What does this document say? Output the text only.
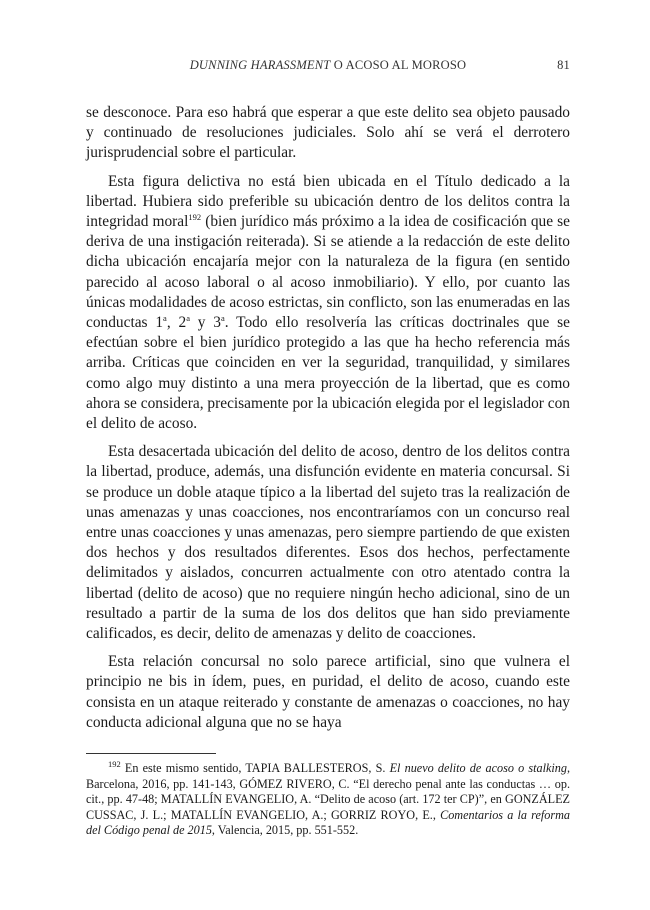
DUNNING HARASSMENT O ACOSO AL MOROSO	81

se desconoce. Para eso habrá que esperar a que este delito sea objeto pausado y continuado de resoluciones judiciales. Solo ahí se verá el derrotero jurisprudencial sobre el particular.

Esta figura delictiva no está bien ubicada en el Título dedicado a la libertad. Hubiera sido preferible su ubicación dentro de los delitos contra la integridad moral$^{192}$ (bien jurídico más próximo a la idea de cosificación que se deriva de una instigación reiterada). Si se atiende a la redacción de este delito dicha ubicación encajaría mejor con la naturaleza de la figura (en sentido parecido al acoso laboral o al acoso inmobiliario). Y ello, por cuanto las únicas modalidades de acoso estrictas, sin conflicto, son las enumeradas en las conductas 1$^a$, 2$^a$ y 3$^a$. Todo ello resolvería las críticas doctrinales que se efectúan sobre el bien jurídico protegido a las que ha hecho referencia más arriba. Críticas que coinciden en ver la seguridad, tranquilidad, y similares como algo muy distinto a una mera proyección de la libertad, que es como ahora se considera, precisamente por la ubicación elegida por el legislador con el delito de acoso.

Esta desacertada ubicación del delito de acoso, dentro de los delitos contra la libertad, produce, además, una disfunción evidente en materia concursal. Si se produce un doble ataque típico a la libertad del sujeto tras la realización de unas amenazas y unas coacciones, nos encontraríamos con un concurso real entre unas coacciones y unas amenazas, pero siempre partiendo de que existen dos hechos y dos resultados diferentes. Esos dos hechos, perfectamente delimitados y aislados, concurren actualmente con otro atentado contra la libertad (delito de acoso) que no requiere ningún hecho adicional, sino de un resultado a partir de la suma de los dos delitos que han sido previamente calificados, es decir, delito de amenazas y delito de coacciones.

Esta relación concursal no solo parece artificial, sino que vulnera el principio ne bis in ídem, pues, en puridad, el delito de acoso, cuando este consista en un ataque reiterado y constante de amenazas o coacciones, no hay conducta adicional alguna que no se haya

$^{192}$ En este mismo sentido, TAPIA BALLESTEROS, S. El nuevo delito de acoso o stalking, Barcelona, 2016, pp. 141-143, GÓMEZ RIVERO, C. “El derecho penal ante las conductas … op. cit., pp. 47-48; MATALLÍN EVANGELIO, A. “Delito de acoso (art. 172 ter CP)”, en GONZÁLEZ CUSSAC, J. L.; MATALLÍN EVANGELIO, A.; GORRIZ ROYO, E., Comentarios a la reforma del Código penal de 2015, Valencia, 2015, pp. 551-552.
